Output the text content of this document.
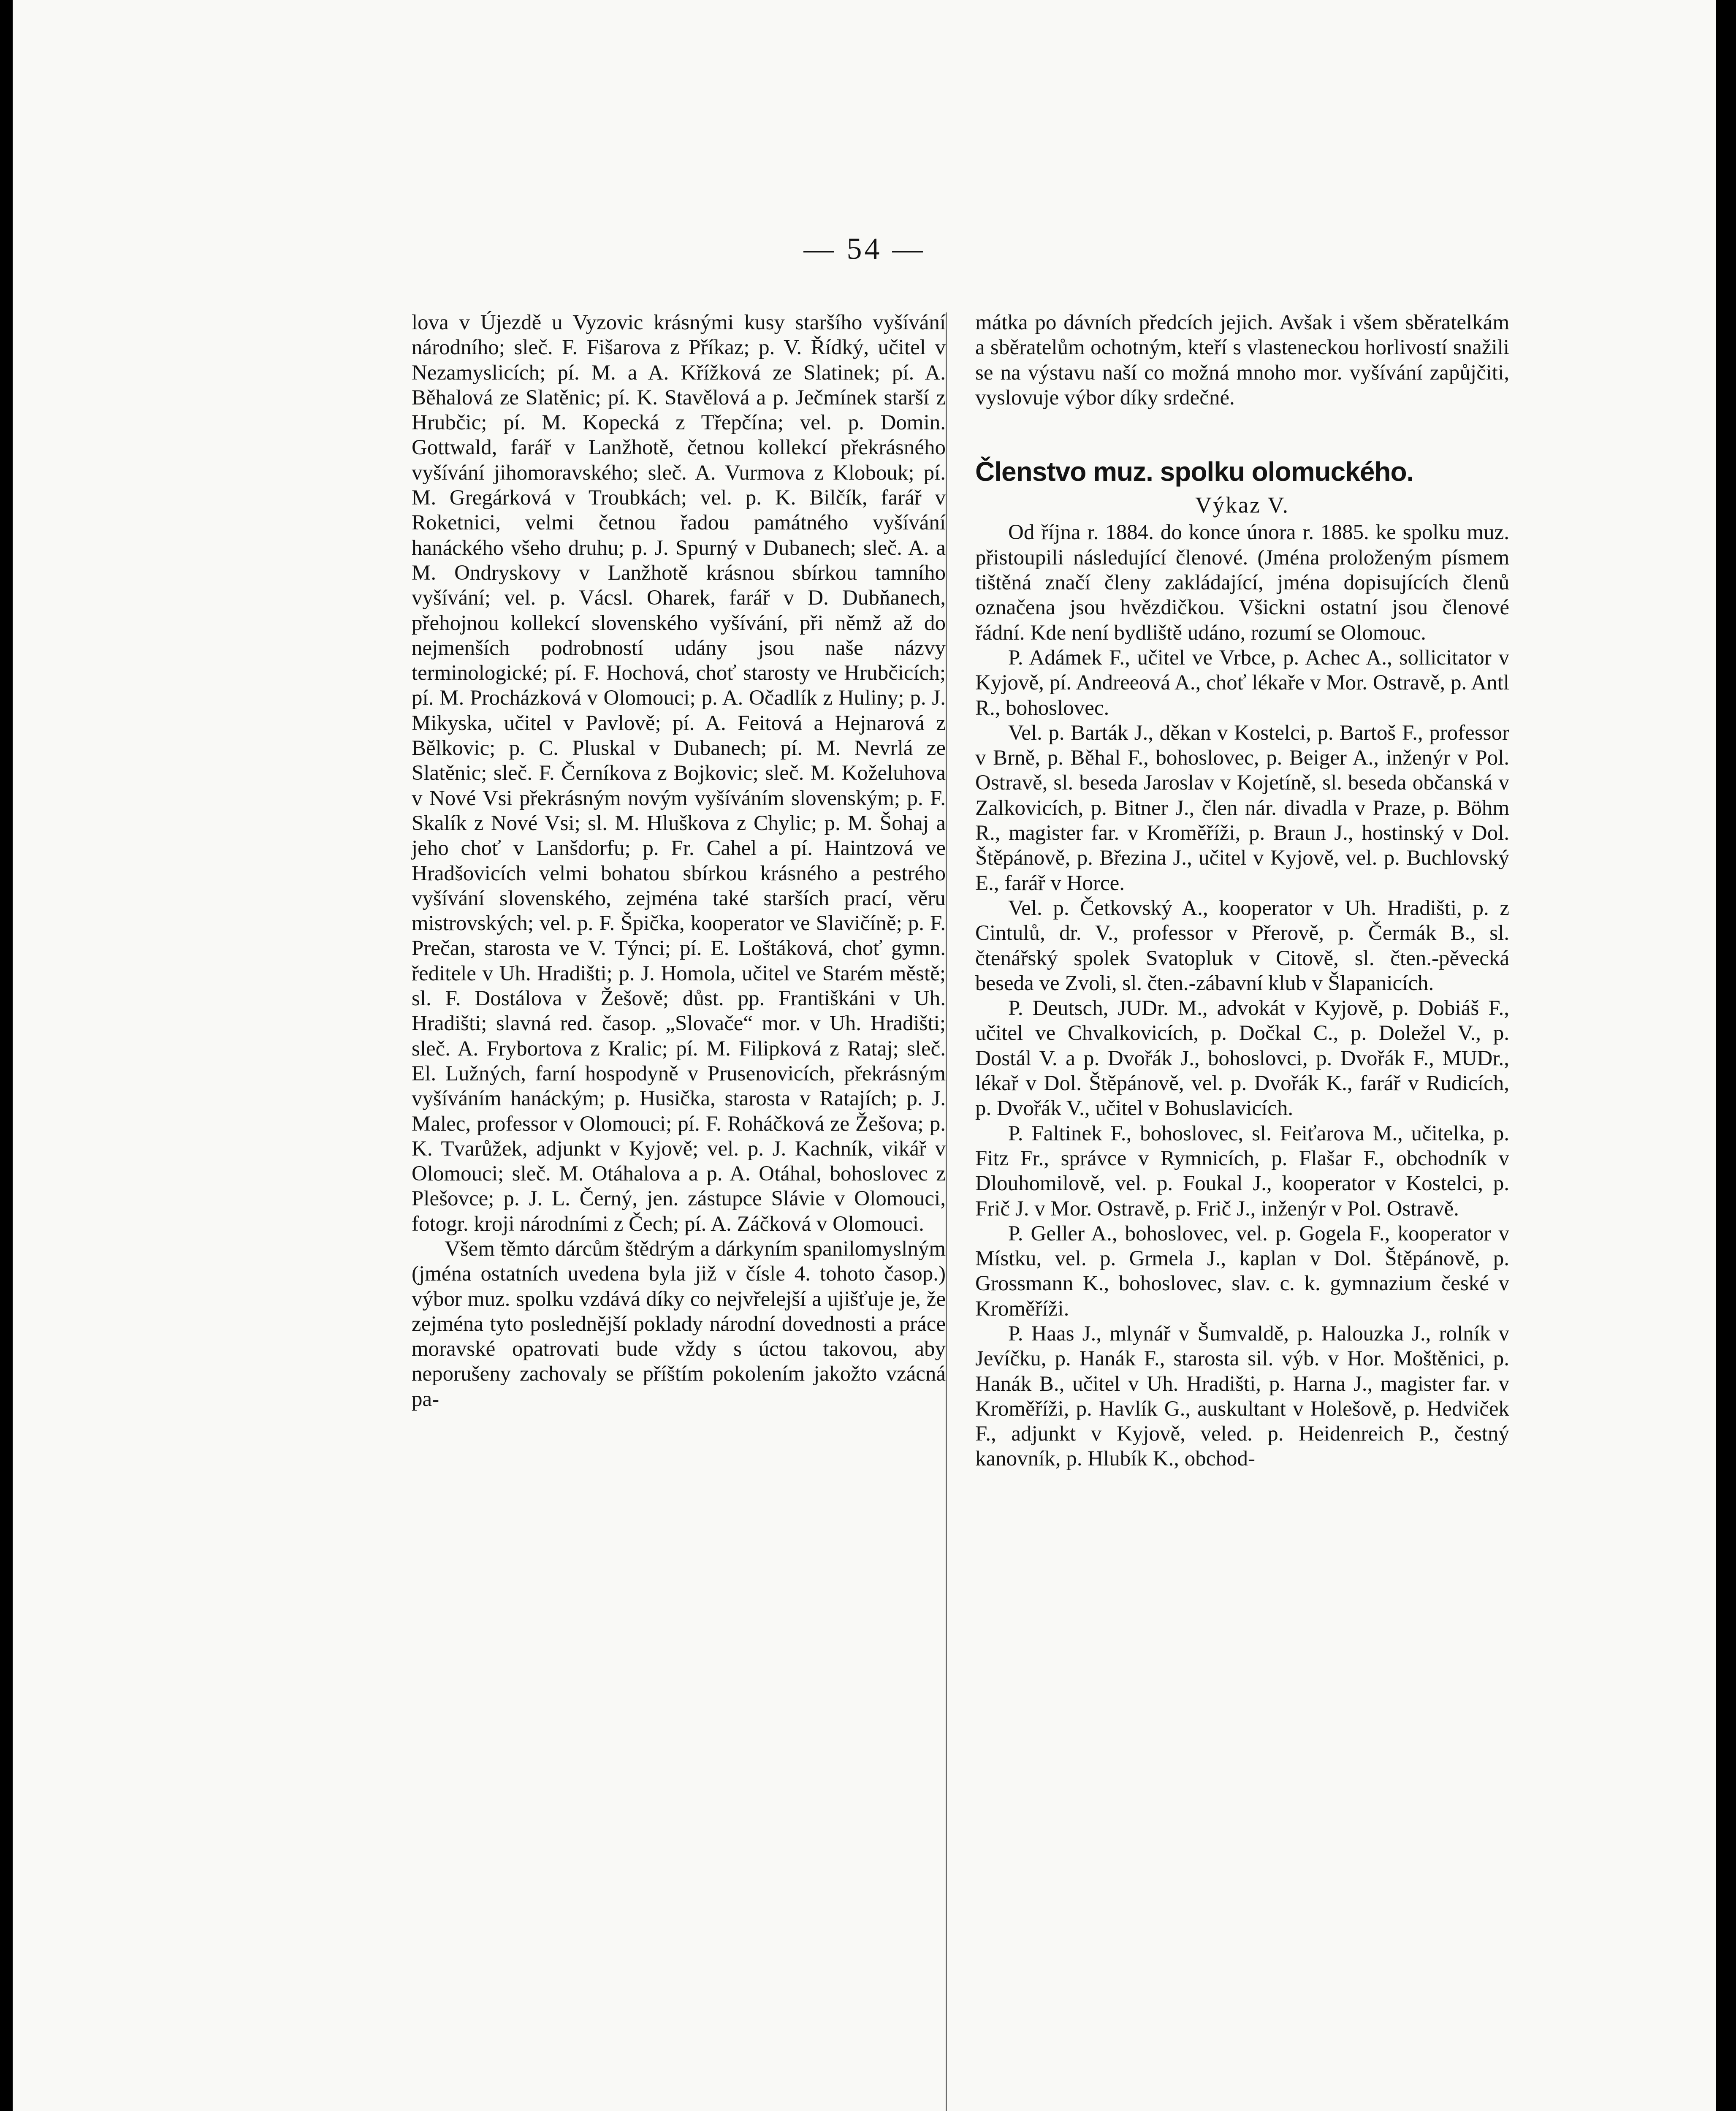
— 54 —

lova v Újezdě u Vyzovic krásnými kusy staršího vyšívání národního; sleč. F. Fišarova z Příkaz; p. V. Řídký, učitel v Nezamyslicích; pí. M. a A. Křížková ze Slatinek; pí. A. Běhalová ze Slatěnic; pí. K. Stavělová a p. Ječmínek starší z Hrubčic; pí. M. Kopecká z Třepčína; vel. p. Domin. Gottwald, farář v Lanžhotě, četnou kollekcí překrásného vyšívání jihomoravského; sleč. A. Vurmova z Klobouk; pí. M. Gregárková v Troubkách; vel. p. K. Bilčík, farář v Roketnici, velmi četnou řadou památného vyšívání hanáckého všeho druhu; p. J. Spurný v Dubanech; sleč. A. a M. Ondryskovy v Lanžhotě krásnou sbírkou tamního vyšívání; vel. p. Vácsl. Oharek, farář v D. Dubňanech, přehojnou kollekcí slovenského vyšívání, při němž až do nejmenších podrobností udány jsou naše názvy terminologické; pí. F. Hochová, choť starosty ve Hrubčicích; pí. M. Procházková v Olomouci; p. A. Očadlík z Huliny; p. J. Mikyska, učitel v Pavlově; pí. A. Feitová a Hejnarová z Bělkovic; p. C. Pluskal v Dubanech; pí. M. Nevrlá ze Slatěnic; sleč. F. Černíkova z Bojkovic; sleč. M. Koželuhova v Nové Vsi překrásným novým vyšíváním slovenským; p. F. Skalík z Nové Vsi; sl. M. Hluškova z Chylic; p. M. Šohaj a jeho choť v Lanšdorfu; p. Fr. Cahel a pí. Haintzová ve Hradšovicích velmi bohatou sbírkou krásného a pestrého vyšívání slovenského, zejména také starších prací, věru mistrovských; vel. p. F. Špička, kooperator ve Slavičíně; p. F. Prečan, starosta ve V. Týnci; pí. E. Loštáková, choť gymn. ředitele v Uh. Hradišti; p. J. Homola, učitel ve Starém městě; sl. F. Dostálova v Žešově; důst. pp. Františkáni v Uh. Hradišti; slavná red. časop. „Slovače“ mor. v Uh. Hradišti; sleč. A. Frybortova z Kralic; pí. M. Filipková z Rataj; sleč. El. Lužných, farní hospodyně v Prusenovicích, překrásným vyšíváním hanáckým; p. Husička, starosta v Ratajích; p. J. Malec, professor v Olomouci; pí. F. Roháčková ze Žešova; p. K. Tvarůžek, adjunkt v Kyjově; vel. p. J. Kachník, vikář v Olomouci; sleč. M. Otáhalova a p. A. Otáhal, bohoslovec z Plešovce; p. J. L. Černý, jen. zástupce Slávie v Olomouci, fotogr. kroji národními z Čech; pí. A. Záčková v Olomouci.

Všem těmto dárcům štědrým a dárkyním spanilomyslným (jména ostatních uvedena byla již v čísle 4. tohoto časop.) výbor muz. spolku vzdává díky co nejvřelejší a ujišťuje je, že zejména tyto poslednější poklady národní dovednosti a práce moravské opatrovati bude vždy s úctou takovou, aby neporušeny zachovaly se příštím pokolením jakožto vzácná pa-

mátka po dávních předcích jejich. Avšak i všem sběratelkám a sběratelům ochotným, kteří s vlasteneckou horlivostí snažili se na výstavu naší co možná mnoho mor. vyšívání zapůjčiti, vyslovuje výbor díky srdečné.

Členstvo muz. spolku olomuckého.

Výkaz V.

Od října r. 1884. do konce února r. 1885. ke spolku muz. přistoupili následující členové. (Jména proloženým písmem tištěná značí členy zakládající, jména dopisujících členů označena jsou hvězdičkou. Všickni ostatní jsou členové řádní. Kde není bydliště udáno, rozumí se Olomouc.

P. Adámek F., učitel ve Vrbce, p. Achec A., sollicitator v Kyjově, pí. Andreeová A., choť lékaře v Mor. Ostravě, p. Antl R., bohoslovec.

Vel. p. Barták J., děkan v Kostelci, p. Bartoš F., professor v Brně, p. Běhal F., bohoslovec, p. Beiger A., inženýr v Pol. Ostravě, sl. beseda Jaroslav v Kojetíně, sl. beseda občanská v Zalkovicích, p. Bitner J., člen nár. divadla v Praze, p. Böhm R., magister far. v Kroměříži, p. Braun J., hostinský v Dol. Štěpánově, p. Březina J., učitel v Kyjově, vel. p. Buchlovský E., farář v Horce.

Vel. p. Četkovský A., kooperator v Uh. Hradišti, p. z Cintulů, dr. V., professor v Přerově, p. Čermák B., sl. čtenářský spolek Svatopluk v Citově, sl. čten.-pěvecká beseda ve Zvoli, sl. čten.-zábavní klub v Šlapanicích.

P. Deutsch, JUDr. M., advokát v Kyjově, p. Dobiáš F., učitel ve Chvalkovicích, p. Dočkal C., p. Doležel V., p. Dostál V. a p. Dvořák J., bohoslovci, p. Dvořák F., MUDr., lékař v Dol. Štěpánově, vel. p. Dvořák K., farář v Rudicích, p. Dvořák V., učitel v Bohuslavicích.

P. Faltinek F., bohoslovec, sl. Feiťarova M., učitelka, p. Fitz Fr., správce v Rymnicích, p. Flašar F., obchodník v Dlouhomilově, vel. p. Foukal J., kooperator v Kostelci, p. Frič J. v Mor. Ostravě, p. Frič J., inženýr v Pol. Ostravě.

P. Geller A., bohoslovec, vel. p. Gogela F., kooperator v Místku, vel. p. Grmela J., kaplan v Dol. Štěpánově, p. Grossmann K., bohoslovec, slav. c. k. gymnazium české v Kroměříži.

P. Haas J., mlynář v Šumvaldě, p. Halouzka J., rolník v Jevíčku, p. Hanák F., starosta sil. výb. v Hor. Moštěnici, p. Hanák B., učitel v Uh. Hradišti, p. Harna J., magister far. v Kroměříži, p. Havlík G., auskultant v Holešově, p. Hedviček F., adjunkt v Kyjově, veled. p. Heidenreich P., čestný kanovník, p. Hlubík K., obchod-
